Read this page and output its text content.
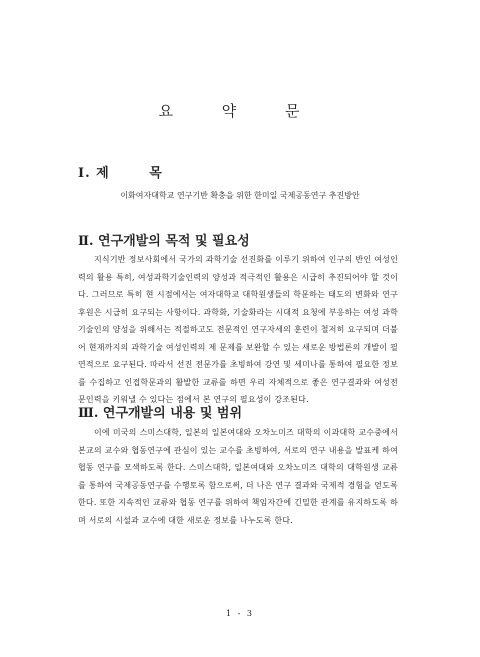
요 약 문
Ⅰ. 제 목

이화여자대학교 연구기반 확충을 위한 한미일 국제공동연구 추진방안

Ⅱ. 연구개발의 목적 및 필요성

지식기반 정보사회에서 국가의 과학기술 선진화를 이루기 위하여 인구의 반인 여성인력의 활용 특히, 여성과학기술인력의 양성과 적극적인 활용은 시급히 추진되어야 할 것이다. 그러므로 특히 현 시점에서는 여자대학교 대학원생들의 학문하는 태도의 변화와 연구후원은 시급히 요구되는 사항이다. 과학화, 기술화라는 시대적 요청에 부응하는 여성 과학기술인의 양성을 위해서는 적절하고도 전문적인 연구자세의 훈련이 철저히 요구되며 더불어 현재까지의 과학기술 여성인력의 제 문제를 보완할 수 있는 새로운 방법론의 개발이 필연적으로 요구된다. 따라서 선진 전문가를 초빙하여 강연 및 세미나를 통하여 필요한 정보를 수집하고 인접학문과의 활발한 교류를 하면 우리 자체적으로 좋은 연구결과와 여성전문인력을 키워낼 수 있다는 점에서 본 연구의 필요성이 강조된다.

Ⅲ. 연구개발의 내용 및 범위

이에 미국의 스미스대학, 일본의 일본여대와 오차노미즈 대학의 이과대학 교수중에서 본교의 교수와 협동연구에 관심이 있는 교수를 초빙하여, 서로의 연구 내용을 발표케 하여 협동 연구를 모색하도록 한다. 스미스대학, 일본여대와 오차노미즈 대학의 대학원생 교류를 통하여 국제공동연구를 수행토록 함으로써, 더 나은 연구 결과와 국제적 경험을 얻도록 한다. 또한 지속적인 교류와 협동 연구를 위하여 책임자간에 긴밀한 관계를 유지하도록 하며 서로의 시설과 교수에 대한 새로운 정보를 나누도록 한다.

1 - 3
